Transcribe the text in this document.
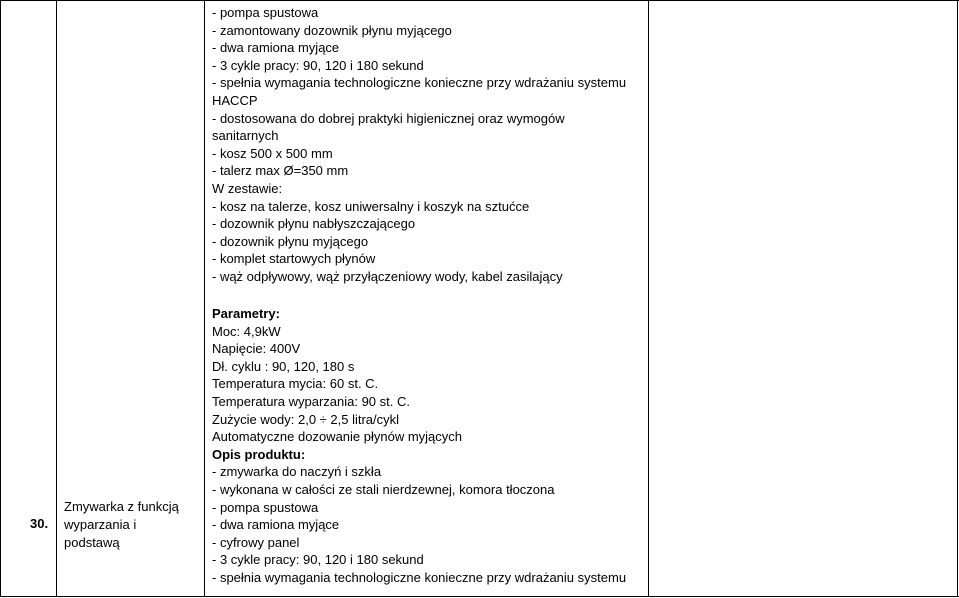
30.
Zmywarka z funkcją wyparzania i podstawą
- pompa spustowa
- zamontowany dozownik płynu myjącego
- dwa ramiona myjące
- 3 cykle pracy: 90, 120 i 180 sekund
- spełnia wymagania technologiczne konieczne przy wdrażaniu systemu
HACCP
- dostosowana do dobrej praktyki higienicznej oraz wymogów
sanitarnych
- kosz 500 x 500 mm
- talerz max Ø=350 mm
W zestawie:
- kosz na talerze, kosz uniwersalny i koszyk na sztućce
- dozownik płynu nabłyszczającego
- dozownik płynu myjącego
- komplet startowych płynów
- wąż odpływowy, wąż przyłączeniowy wody, kabel zasilający
Parametry:
Moc: 4,9kW
Napięcie: 400V
Dł. cyklu : 90, 120, 180 s
Temperatura mycia: 60 st. C.
Temperatura wyparzania: 90 st. C.
Zużycie wody: 2,0 ÷ 2,5 litra/cykl
Automatyczne dozowanie płynów myjących
Opis produktu:
- zmywarka do naczyń i szkła
- wykonana w całości ze stali nierdzewnej, komora tłoczona
- pompa spustowa
- dwa ramiona myjące
- cyfrowy panel
- 3 cykle pracy: 90, 120 i 180 sekund
- spełnia wymagania technologiczne konieczne przy wdrażaniu systemu
